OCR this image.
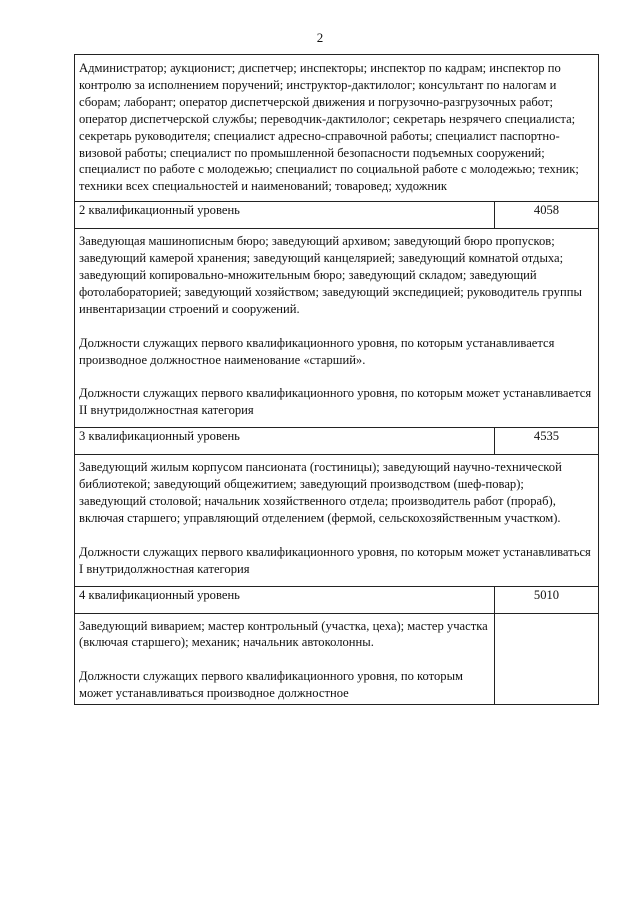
2

Администратор; аукционист; диспетчер; инспекторы; инспектор по кадрам; инспектор по контролю за исполнением поручений; инструктор-дактилолог; консультант по налогам и сборам; лаборант; оператор диспетчерской движения и погрузочно-разгрузочных работ; оператор диспетчерской службы; переводчик-дактилолог; секретарь незрячего специалиста; секретарь руководителя; специалист адресно-справочной работы; специалист паспортно-визовой работы; специалист по промышленной безопасности подъемных сооружений; специалист по работе с молодежью; специалист по социальной работе с молодежью; техник; техники всех специальностей и наименований; товаровед; художник	

2 квалификационный уровень	4058

Заведующая машинописным бюро; заведующий архивом; заведующий бюро пропусков; заведующий камерой хранения; заведующий канцелярией; заведующий комнатой отдыха; заведующий копировально-множительным бюро; заведующий складом; заведующий фотолабораторией; заведующий хозяйством; заведующий экспедицией; руководитель группы инвентаризации строений и сооружений.

Должности служащих первого квалификационного уровня, по которым устанавливается производное должностное наименование «старший».

Должности служащих первого квалификационного уровня, по которым может устанавливается II внутридолжностная категория	

3 квалификационный уровень	4535

Заведующий жилым корпусом пансионата (гостиницы); заведующий научно-технической библиотекой; заведующий общежитием; заведующий производством (шеф-повар); заведующий столовой; начальник хозяйственного отдела; производитель работ (прораб), включая старшего; управляющий отделением (фермой, сельскохозяйственным участком).

Должности служащих первого квалификационного уровня, по которым может устанавливаться I внутридолжностная категория	

4 квалификационный уровень	5010

Заведующий виварием; мастер контрольный (участка, цеха); мастер участка (включая старшего); механик; начальник автоколонны.

Должности служащих первого квалификационного уровня, по которым может устанавливаться производное должностное	
